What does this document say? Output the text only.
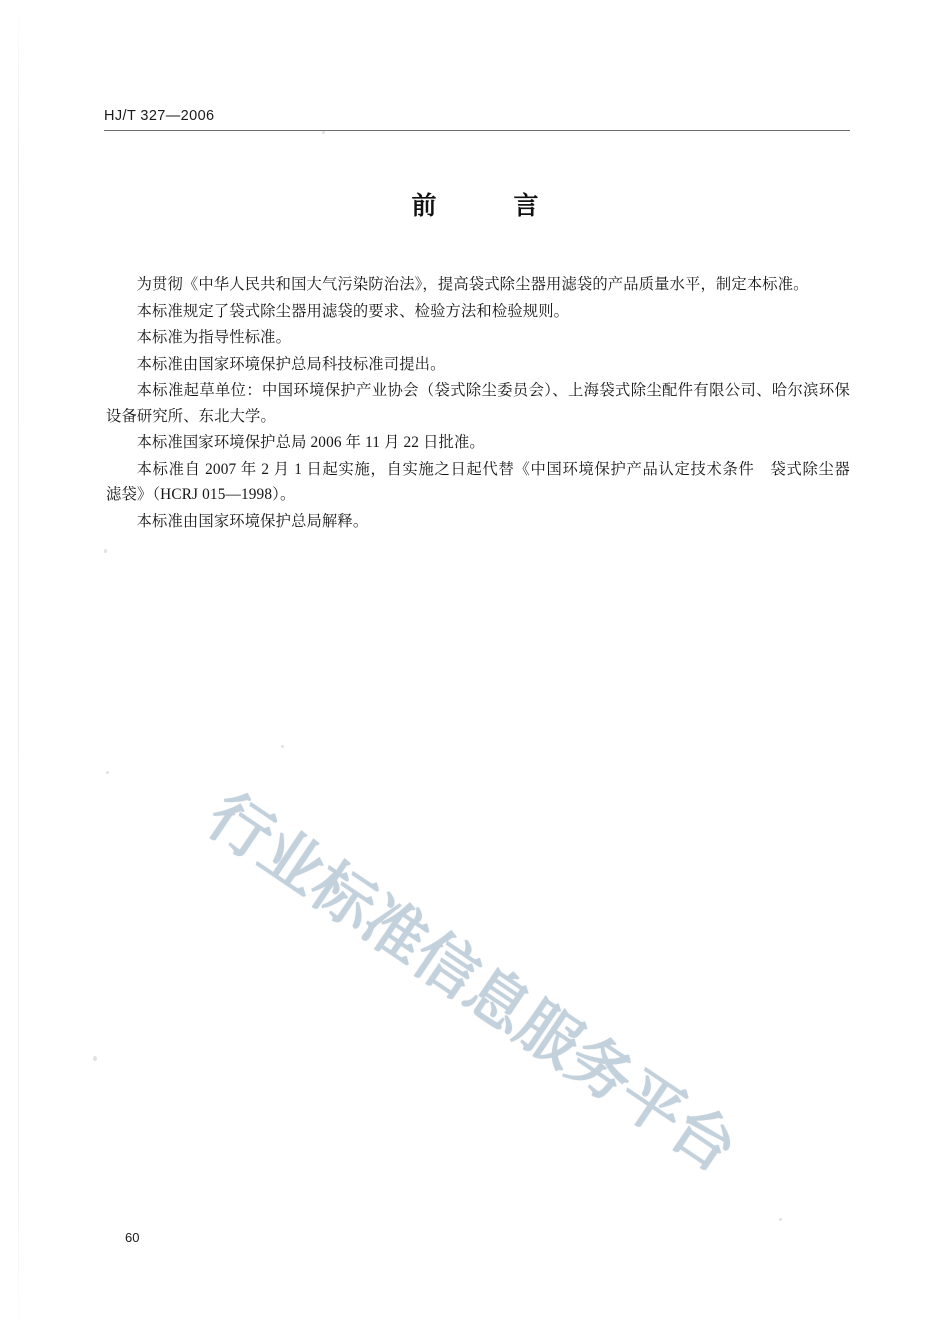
HJ/T 327—2006
前　言

为贯彻《中华人民共和国大气污染防治法》，提高袋式除尘器用滤袋的产品质量水平，制定本标准。

本标准规定了袋式除尘器用滤袋的要求、检验方法和检验规则。

本标准为指导性标准。

本标准由国家环境保护总局科技标准司提出。

本标准起草单位：中国环境保护产业协会（袋式除尘委员会）、上海袋式除尘配件有限公司、哈尔滨环保设备研究所、东北大学。

本标准国家环境保护总局 2006 年 11 月 22 日批准。

本标准自 2007 年 2 月 1 日起实施，自实施之日起代替《中国环境保护产品认定技术条件　袋式除尘器　滤袋》（HCRJ 015—1998）。

本标准由国家环境保护总局解释。

行业标准信息服务平台
60
